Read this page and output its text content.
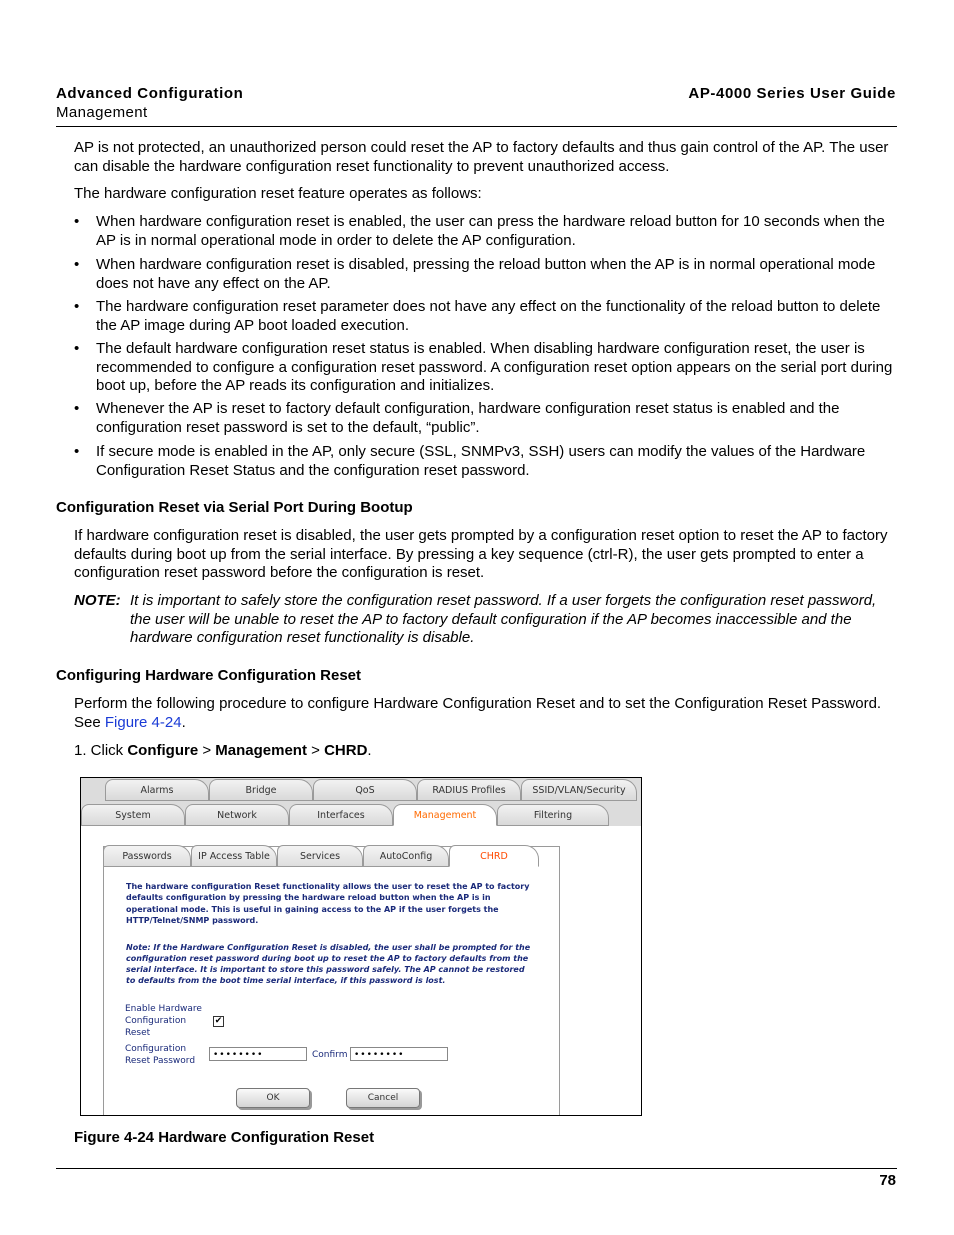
Advanced Configuration
Management
AP-4000 Series User Guide
AP is not protected, an unauthorized person could reset the AP to factory defaults and thus gain control of the AP. The user can disable the hardware configuration reset functionality to prevent unauthorized access.
The hardware configuration reset feature operates as follows:
• When hardware configuration reset is enabled, the user can press the hardware reload button for 10 seconds when the AP is in normal operational mode in order to delete the AP configuration.
• When hardware configuration reset is disabled, pressing the reload button when the AP is in normal operational mode does not have any effect on the AP.
• The hardware configuration reset parameter does not have any effect on the functionality of the reload button to delete the AP image during AP boot loaded execution.
• The default hardware configuration reset status is enabled. When disabling hardware configuration reset, the user is recommended to configure a configuration reset password. A configuration reset option appears on the serial port during boot up, before the AP reads its configuration and initializes.
• Whenever the AP is reset to factory default configuration, hardware configuration reset status is enabled and the configuration reset password is set to the default, “public”.
• If secure mode is enabled in the AP, only secure (SSL, SNMPv3, SSH) users can modify the values of the Hardware Configuration Reset Status and the configuration reset password.
Configuration Reset via Serial Port During Bootup
If hardware configuration reset is disabled, the user gets prompted by a configuration reset option to reset the AP to factory defaults during boot up from the serial interface. By pressing a key sequence (ctrl-R), the user gets prompted to enter a configuration reset password before the configuration is reset.
NOTE: It is important to safely store the configuration reset password. If a user forgets the configuration reset password, the user will be unable to reset the AP to factory default configuration if the AP becomes inaccessible and the hardware configuration reset functionality is disable.
Configuring Hardware Configuration Reset
Perform the following procedure to configure Hardware Configuration Reset and to set the Configuration Reset Password. See Figure 4-24.
1. Click Configure > Management > CHRD.
Alarms	Bridge	QoS	RADIUS Profiles	SSID/VLAN/Security
System	Network	Interfaces	Management	Filtering
Passwords	IP Access Table	Services	AutoConfig	CHRD
The hardware configuration Reset functionality allows the user to reset the AP to factory defaults configuration by pressing the hardware reload button when the AP is in operational mode. This is useful in gaining access to the AP if the user forgets the HTTP/Telnet/SNMP password.
Note: If the Hardware Configuration Reset is disabled, the user shall be prompted for the configuration reset password during boot up to reset the AP to factory defaults from the serial interface. It is important to store this password safely. The AP cannot be restored to defaults from the boot time serial interface, if this password is lost.
Enable Hardware Configuration Reset
✔
Configuration Reset Password
••••••••	Confirm ••••••••
OK	Cancel
Figure 4-24 Hardware Configuration Reset
78
